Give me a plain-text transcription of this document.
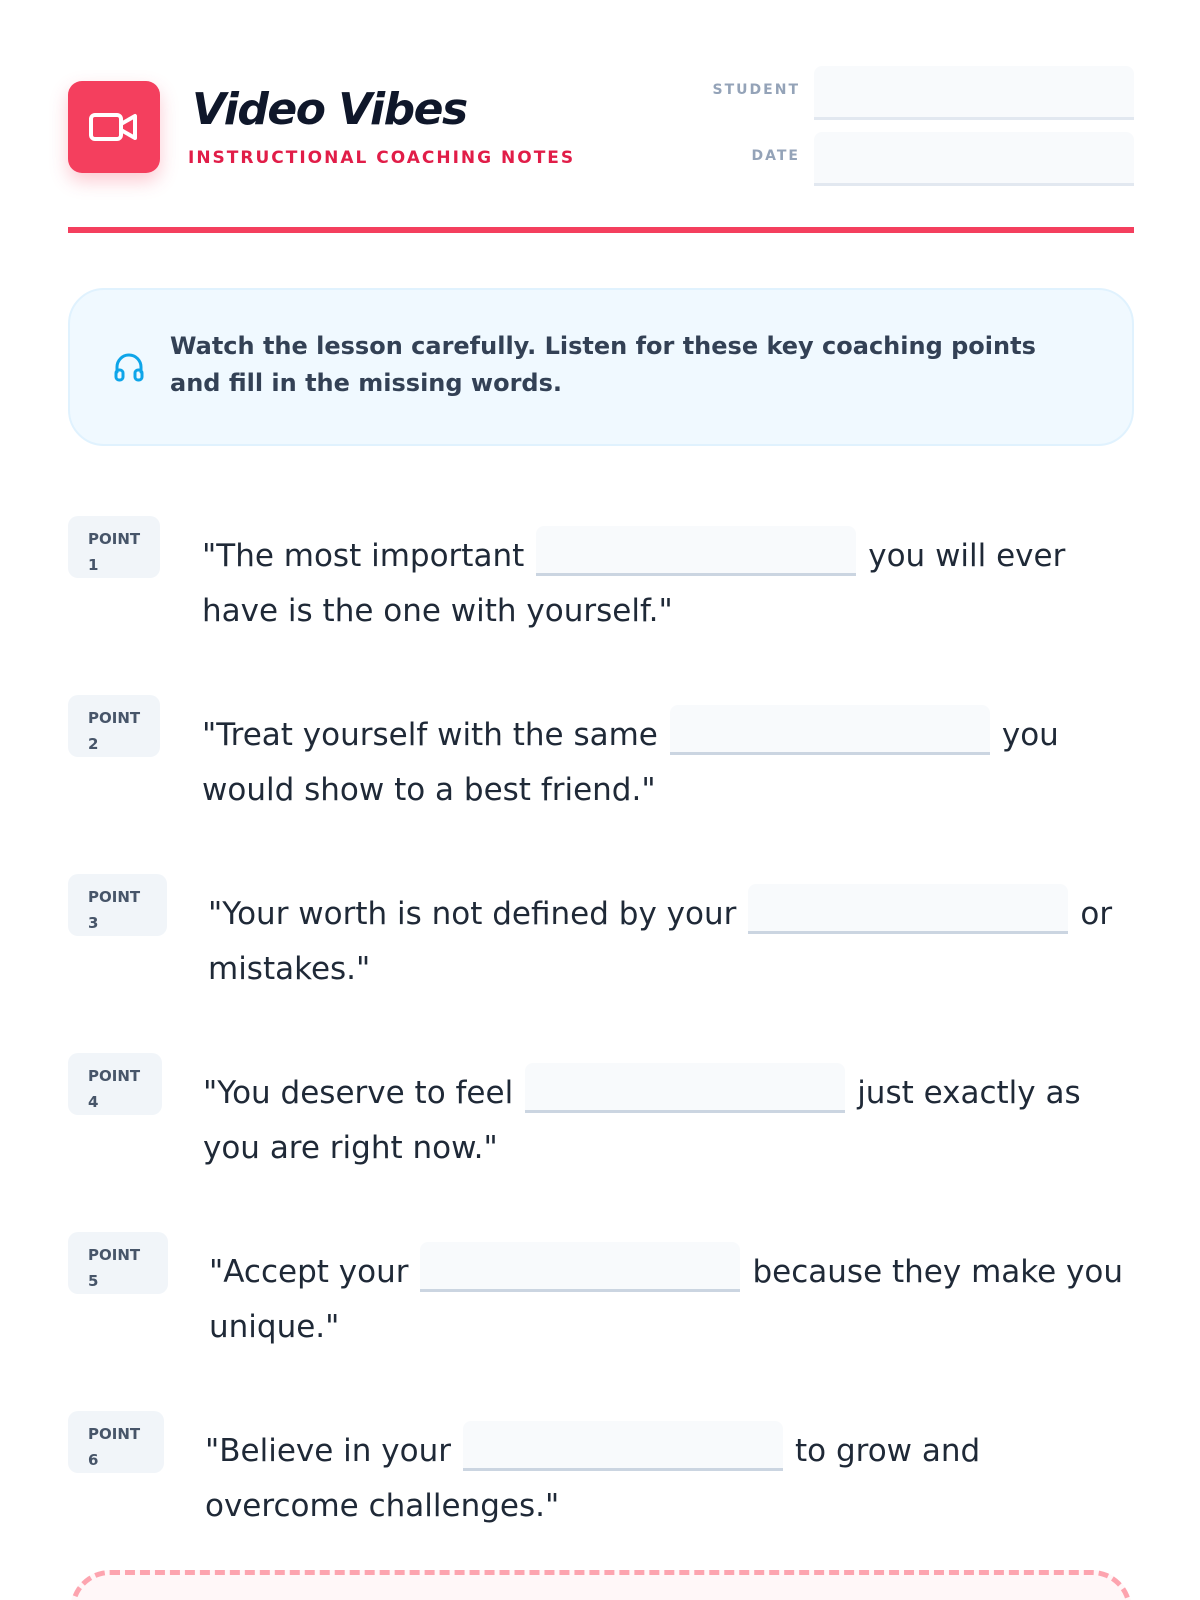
Video Vibes
INSTRUCTIONAL COACHING NOTES
STUDENT
DATE
Watch the lesson carefully. Listen for these key coaching points and fill in the missing words.
POINT
1	"The most important	you will ever have is the one with yourself."
POINT
2	"Treat yourself with the same	you would show to a best friend."
POINT
3	"Your worth is not defined by your	or mistakes."
POINT
4	"You deserve to feel	just exactly as you are right now."
POINT
5	"Accept your	because they make you unique."
POINT
6	"Believe in your	to grow and overcome challenges."
